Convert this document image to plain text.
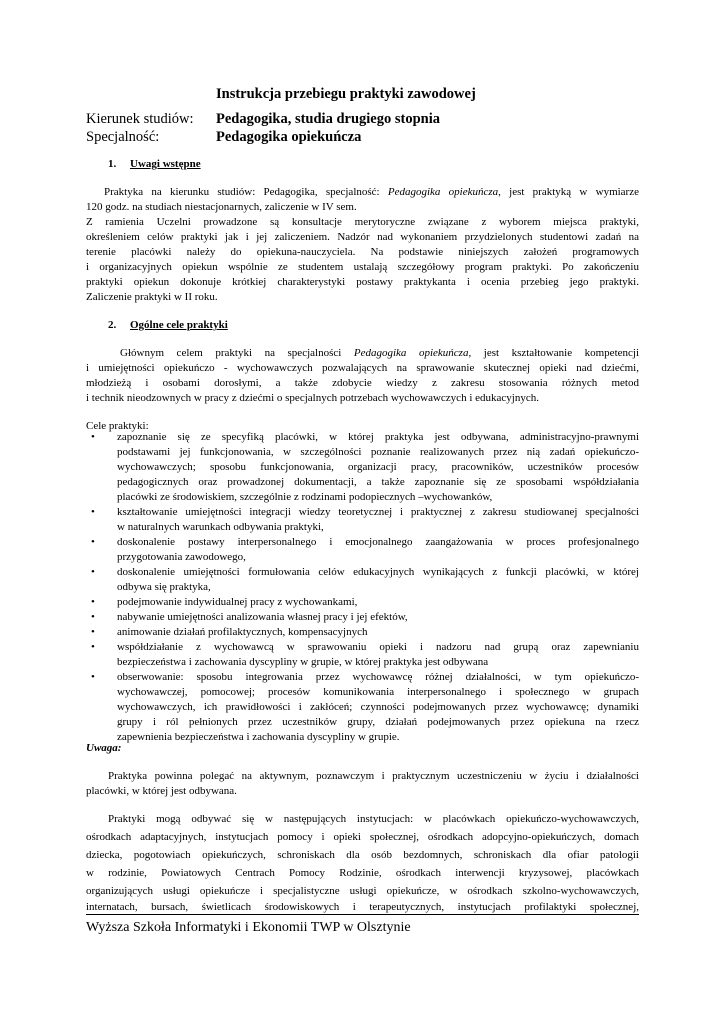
Instrukcja przebiegu praktyki zawodowej
Kierunek studiów: Pedagogika, studia drugiego stopnia
Specjalność:	Pedagogika opiekuńcza
1. Uwagi wstępne
Praktyka na kierunku studiów: Pedagogika, specjalność: Pedagogika opiekuńcza, jest praktyką w wymiarze
120 godz. na studiach niestacjonarnych, zaliczenie w IV sem.
Z ramienia Uczelni prowadzone są konsultacje merytoryczne związane z wyborem miejsca praktyki,
określeniem celów praktyki jak i jej zaliczeniem. Nadzór nad wykonaniem przydzielonych studentowi zadań na
terenie placówki należy do opiekuna-nauczyciela. Na podstawie niniejszych założeń programowych
i organizacyjnych opiekun wspólnie ze studentem ustalają szczegółowy program praktyki. Po zakończeniu
praktyki opiekun dokonuje krótkiej charakterystyki postawy praktykanta i ocenia przebieg jego praktyki.
Zaliczenie praktyki w II roku.
2. Ogólne cele praktyki
Głównym celem praktyki na specjalności Pedagogika opiekuńcza, jest kształtowanie kompetencji
i umiejętności opiekuńczo - wychowawczych pozwalających na sprawowanie skutecznej opieki nad dziećmi,
młodzieżą i osobami dorosłymi, a także zdobycie wiedzy z zakresu stosowania różnych metod
i technik nieodzownych w pracy z dziećmi o specjalnych potrzebach wychowawczych i edukacyjnych.
Cele praktyki:
• zapoznanie się ze specyfiką placówki, w której praktyka jest odbywana, administracyjno-prawnymi
podstawami jej funkcjonowania, w szczególności poznanie realizowanych przez nią zadań opiekuńczo-
wychowawczych; sposobu funkcjonowania, organizacji pracy, pracowników, uczestników procesów
pedagogicznych oraz prowadzonej dokumentacji, a także zapoznanie się ze sposobami współdziałania
placówki ze środowiskiem, szczególnie z rodzinami podopiecznych –wychowanków,
• kształtowanie umiejętności integracji wiedzy teoretycznej i praktycznej z zakresu studiowanej specjalności
w naturalnych warunkach odbywania praktyki,
• doskonalenie postawy interpersonalnego i emocjonalnego zaangażowania w proces profesjonalnego
przygotowania zawodowego,
• doskonalenie umiejętności formułowania celów edukacyjnych wynikających z funkcji placówki, w której
odbywa się praktyka,
• podejmowanie indywidualnej pracy z wychowankami,
• nabywanie umiejętności analizowania własnej pracy i jej efektów,
• animowanie działań profilaktycznych, kompensacyjnych
• współdziałanie z wychowawcą w sprawowaniu opieki i nadzoru nad grupą oraz zapewnianiu
bezpieczeństwa i zachowania dyscypliny w grupie, w której praktyka jest odbywana
• obserwowanie: sposobu integrowania przez wychowawcę różnej działalności, w tym opiekuńczo-
wychowawczej, pomocowej; procesów komunikowania interpersonalnego i społecznego w grupach
wychowawczych, ich prawidłowości i zakłóceń; czynności podejmowanych przez wychowawcę; dynamiki
grupy i ról pełnionych przez uczestników grupy, działań podejmowanych przez opiekuna na rzecz
zapewnienia bezpieczeństwa i zachowania dyscypliny w grupie.
Uwaga:
Praktyka powinna polegać na aktywnym, poznawczym i praktycznym uczestniczeniu w życiu i działalności
placówki, w której jest odbywana.
Praktyki mogą odbywać się w następujących instytucjach: w placówkach opiekuńczo-wychowawczych,
ośrodkach adaptacyjnych, instytucjach pomocy i opieki społecznej, ośrodkach adopcyjno-opiekuńczych, domach
dziecka, pogotowiach opiekuńczych, schroniskach dla osób bezdomnych, schroniskach dla ofiar patologii
w rodzinie, Powiatowych Centrach Pomocy Rodzinie, ośrodkach interwencji kryzysowej, placówkach
organizujących usługi opiekuńcze i specjalistyczne usługi opiekuńcze, w ośrodkach szkolno-wychowawczych,
internatach, bursach, świetlicach środowiskowych i terapeutycznych, instytucjach profilaktyki społecznej,
Wyższa Szkoła Informatyki i Ekonomii TWP w Olsztynie
